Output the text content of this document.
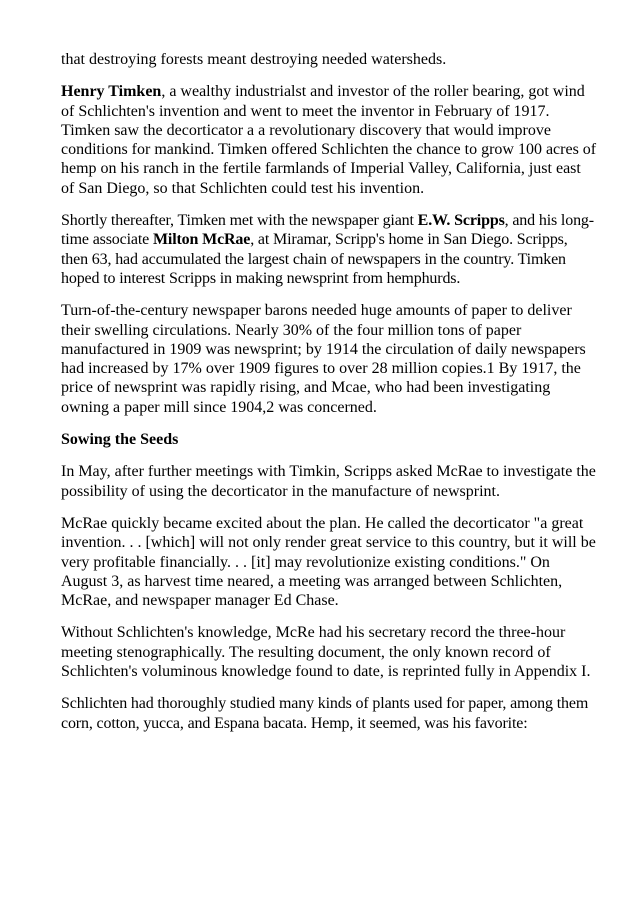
that destroying forests meant destroying needed watersheds.

Henry Timken, a wealthy industrialst and investor of the roller bearing, got wind of Schlichten's invention and went to meet the inventor in February of 1917. Timken saw the decorticator a a revolutionary discovery that would improve conditions for mankind. Timken offered Schlichten the chance to grow 100 acres of hemp on his ranch in the fertile farmlands of Imperial Valley, California, just east of San Diego, so that Schlichten could test his invention.

Shortly thereafter, Timken met with the newspaper giant E.W. Scripps, and his long-time associate Milton McRae, at Miramar, Scripp's home in San Diego. Scripps, then 63, had accumulated the largest chain of newspapers in the country. Timken hoped to interest Scripps in making newsprint from hemphurds.

Turn-of-the-century newspaper barons needed huge amounts of paper to deliver their swelling circulations. Nearly 30% of the four million tons of paper manufactured in 1909 was newsprint; by 1914 the circulation of daily newspapers had increased by 17% over 1909 figures to over 28 million copies.1 By 1917, the price of newsprint was rapidly rising, and Mcae, who had been investigating owning a paper mill since 1904,2 was concerned.

Sowing the Seeds

In May, after further meetings with Timkin, Scripps asked McRae to investigate the possibility of using the decorticator in the manufacture of newsprint.

McRae quickly became excited about the plan. He called the decorticator "a great invention. . . [which] will not only render great service to this country, but it will be very profitable financially. . . [it] may revolutionize existing conditions." On August 3, as harvest time neared, a meeting was arranged between Schlichten, McRae, and newspaper manager Ed Chase.

Without Schlichten's knowledge, McRe had his secretary record the three-hour meeting stenographically. The resulting document, the only known record of Schlichten's voluminous knowledge found to date, is reprinted fully in Appendix I.

Schlichten had thoroughly studied many kinds of plants used for paper, among them corn, cotton, yucca, and Espana bacata. Hemp, it seemed, was his favorite:
